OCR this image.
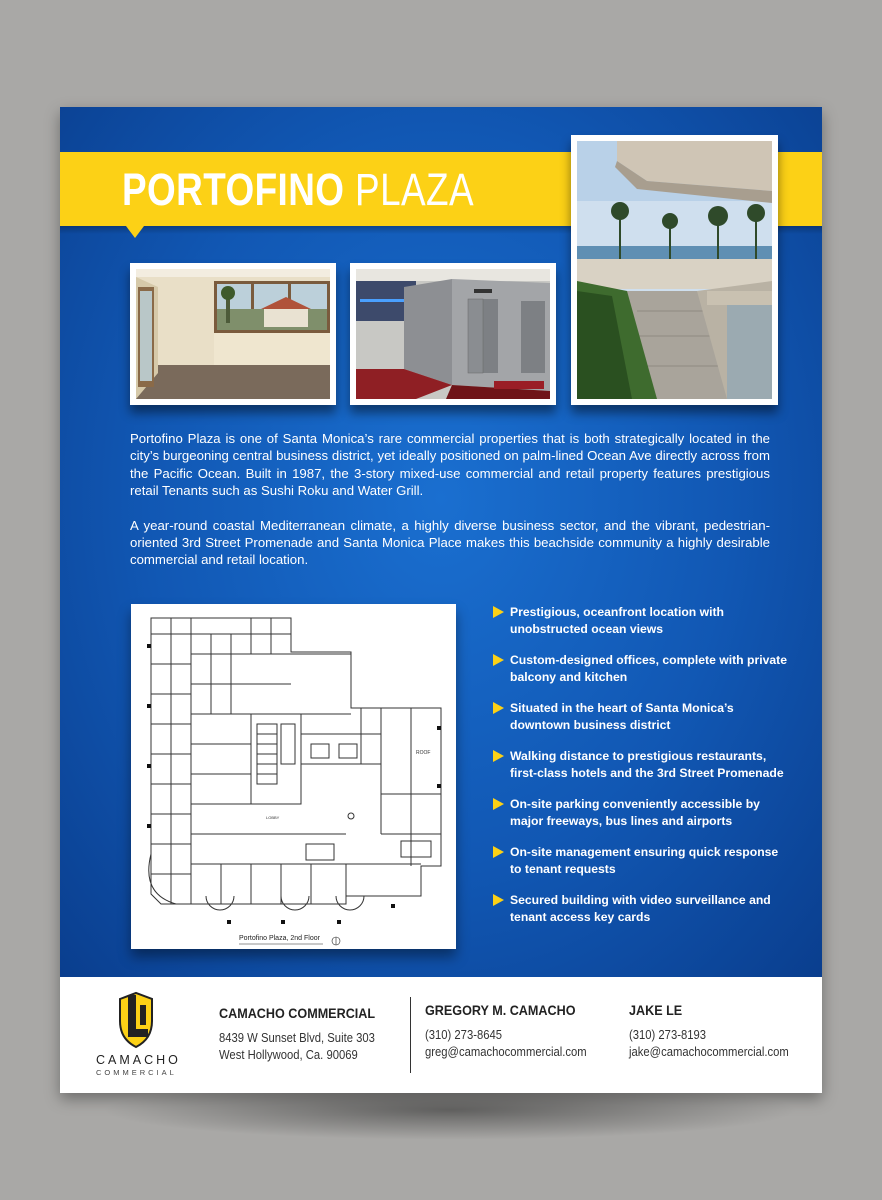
PORTOFINO PLAZA

Portofino Plaza is one of Santa Monica’s rare commercial properties that is both strategically located in the city’s burgeoning central business district, yet ideally positioned on palm-lined Ocean Ave directly across from the Pacific Ocean. Built in 1987, the 3-story mixed-use commercial and retail property features prestigious retail Tenants such as Sushi Roku and Water Grill.

A year-round coastal Mediterranean climate, a highly diverse business sector, and the vibrant, pedestrian-oriented 3rd Street Promenade and Santa Monica Place makes this beachside community a highly desirable commercial and retail location.

ROOF
LOBBY
Portofino Plaza, 2nd Floor
Prestigious, oceanfront location with unobstructed ocean views
Custom-designed offices, complete with private balcony and kitchen
Situated in the heart of Santa Monica’s downtown business district
Walking distance to prestigious restaurants, first-class hotels and the 3rd Street Promenade
On-site parking conveniently accessible by major freeways, bus lines and airports
On-site management ensuring quick response to tenant requests
Secured building with video surveillance and tenant access key cards
CAMACHO
COMMERCIAL
CAMACHO COMMERCIAL
8439 W Sunset Blvd, Suite 303
West Hollywood, Ca. 90069
GREGORY M. CAMACHO
(310) 273-8645
greg@camachocommercial.com
JAKE LE
(310) 273-8193
jake@camachocommercial.com
